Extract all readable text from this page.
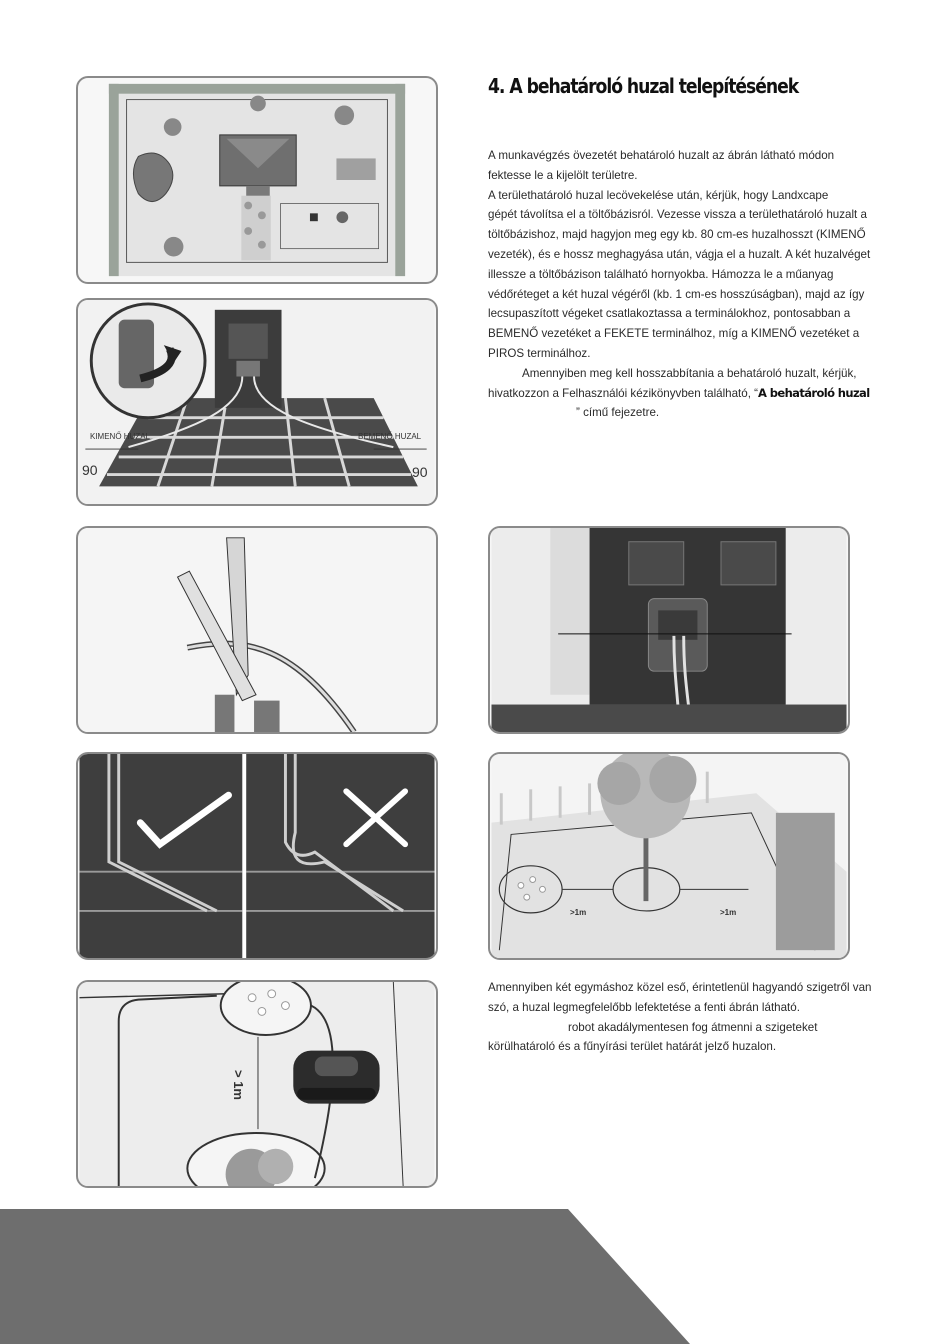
KIMENŐ HUZAL	BEMENŐ HUZAL
90	90
>1m	>1m
> 1m
4. A behatároló huzal telepítésének

A munkavégzés övezetét behatároló huzalt az ábrán látható módon

fektesse le a kijelölt területre.

A területhatároló huzal lecövekelése után, kérjük, hogy Landxcape

gépét távolítsa el a töltőbázisról. Vezesse vissza a területhatároló huzalt a

töltőbázishoz, majd hagyjon meg egy kb. 80 cm-es huzalhosszt (KIMENŐ

vezeték), és e hossz meghagyása után, vágja el a huzalt. A két huzalvéget

illessze a töltőbázison található hornyokba. Hámozza le a műanyag

védőréteget a két huzal végéről (kb. 1 cm-es hosszúságban), majd az így

lecsupaszított végeket csatlakoztassa a terminálokhoz, pontosabban a

BEMENŐ vezetéket a FEKETE terminálhoz, míg a KIMENŐ vezetéket a

PIROS terminálhoz.

Amennyiben meg kell hosszabbítania a behatároló huzalt, kérjük,

hivatkozzon a Felhasználói kézikönyvben található, “A behatároló huzal

” című fejezetre.

Amennyiben két egymáshoz közel eső, érintetlenül hagyandó szigetről van

szó, a huzal legmegfelelőbb lefektetése a fenti ábrán látható.

robot akadálymentesen fog átmenni a szigeteket

körülhatároló és a fűnyírási terület határát jelző huzalon.
